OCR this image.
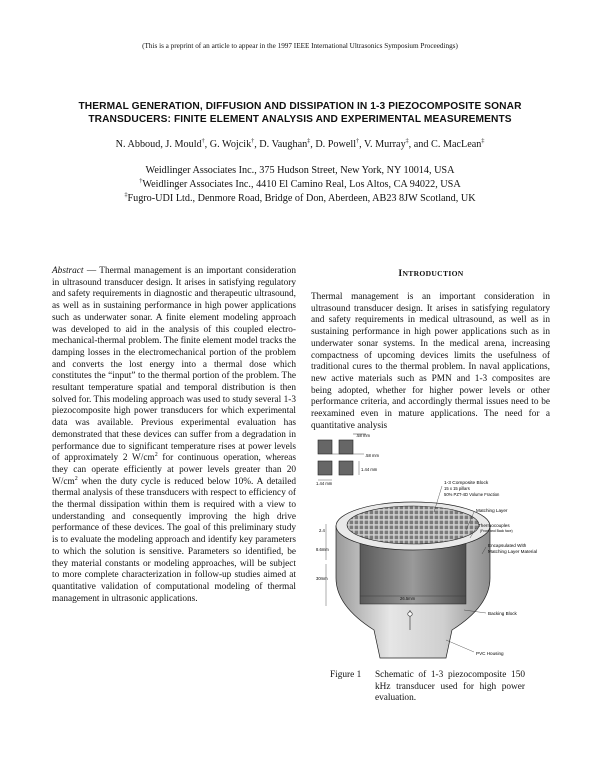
(This is a preprint of an article to appear in the 1997 IEEE International Ultrasonics Symposium Proceedings)
THERMAL GENERATION, DIFFUSION AND DISSIPATION IN 1-3 PIEZOCOMPOSITE SONAR
TRANSDUCERS: FINITE ELEMENT ANALYSIS AND EXPERIMENTAL MEASUREMENTS
N. Abboud, J. Mould†, G. Wojcik†, D. Vaughan‡, D. Powell†, V. Murray‡, and C. MacLean‡
Weidlinger Associates Inc., 375 Hudson Street, New York, NY 10014, USA
†Weidlinger Associates Inc., 4410 El Camino Real, Los Altos, CA 94022, USA
‡Fugro-UDI Ltd., Denmore Road, Bridge of Don, Aberdeen, AB23 8JW Scotland, UK
Abstract — Thermal management is an important consideration in ultrasound transducer design. It arises in satisfying regulatory and safety requirements in diagnostic and therapeutic ultrasound, as well as in sustaining performance in high power applications such as underwater sonar. A finite element modeling approach was developed to aid in the analysis of this coupled electro-mechanical-thermal problem. The finite element model tracks the damping losses in the electromechanical portion of the problem and converts the lost energy into a thermal dose which constitutes the “input” to the thermal portion of the problem. The resultant temperature spatial and temporal distribution is then solved for. This modeling approach was used to study several 1-3 piezocomposite high power transducers for which experimental data was available. Previous experimental evaluation has demonstrated that these devices can suffer from a degradation in performance due to significant temperature rises at power levels of approximately 2 $W/cm^2$ for continuous operation, whereas they can operate efficiently at power levels greater than 20 $W/cm^2$ when the duty cycle is reduced below 10%. A detailed thermal analysis of these transducers with respect to efficiency of the thermal dissipation within them is required with a view to understanding and consequently improving the high drive performance of these devices. The goal of this preliminary study is to evaluate the modeling approach and identify key parameters to which the solution is sensitive. Parameters so identified, be they material constants or modeling approaches, will be subject to more complete characterization in follow-up studies aimed at quantitative validation of computational modeling of thermal management in ultrasonic applications.
INTRODUCTION
Thermal management is an important consideration in ultrasound transducer design. It arises in satisfying regulatory and safety requirements in medical ultrasound, as well as in sustaining performance in high power applications such as in underwater sonar systems. In the medical arena, increasing compactness of upcoming devices limits the usefulness of traditional cures to the thermal problem. In naval applications, new active materials such as PMN and 1-3 composites are being adopted, whether for higher power levels or other performance criteria, and accordingly thermal issues need to be reexamined even in mature applications. The need for a quantitative analysis
.58 mm
.58 mm
1.44 mm
1.44 mm
2.4
8.6mm
30mm
26.5mm
1-3 Composite Block
15 x 15 pillars
50% PZT-4D Volume Fraction
Matching Layer
Thermocouples
(Front and Back face)
Encapsulated With
Matching Layer Material
Backing Block
PVC Housing
Figure 1 Schematic of 1-3 piezocomposite 150 kHz transducer used for high power evaluation.
